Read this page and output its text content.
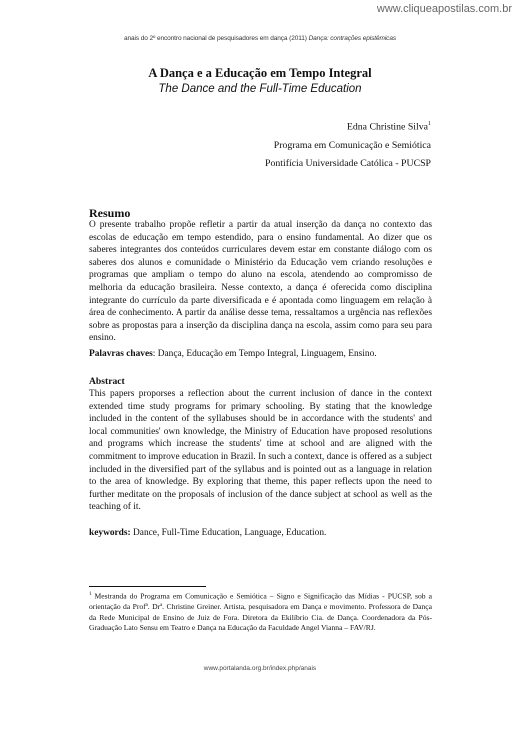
www.cliqueapostilas.com.br
anais do 2º encontro nacional de pesquisadores em dança (2011) Dança: contrações epistêmicas
A Dança e a Educação em Tempo Integral
The Dance and the Full-Time Education
Edna Christine Silva$^1$
Programa em Comunicação e Semiótica
Pontifícia Universidade Católica - PUCSP
Resumo

O presente trabalho propõe refletir a partir da atual inserção da dança no contexto das escolas de educação em tempo estendido, para o ensino fundamental. Ao dizer que os saberes integrantes dos conteúdos curriculares devem estar em constante diálogo com os saberes dos alunos e comunidade o Ministério da Educação vem criando resoluções e programas que ampliam o tempo do aluno na escola, atendendo ao compromisso de melhoria da educação brasileira. Nesse contexto, a dança é oferecida como disciplina integrante do currículo da parte diversificada e é apontada como linguagem em relação à área de conhecimento. A partir da análise desse tema, ressaltamos a urgência nas reflexões sobre as propostas para a inserção da disciplina dança na escola, assim como para seu para ensino.

Palavras chaves: Dança, Educação em Tempo Integral, Linguagem, Ensino.

Abstract

This papers proporses a reflection about the current inclusion of dance in the context extended time study programs for primary schooling. By stating that the knowledge included in the content of the syllabuses should be in accordance with the students' and local communities' own knowledge, the Ministry of Education have proposed resolutions and programs which increase the students' time at school and are aligned with the commitment to improve education in Brazil. In such a context, dance is offered as a subject included in the diversified part of the syllabus and is pointed out as a language in relation to the area of knowledge. By exploring that theme, this paper reflects upon the need to further meditate on the proposals of inclusion of the dance subject at school as well as the teaching of it.

keywords: Dance, Full-Time Education, Language, Education.

$^1$ Mestranda do Programa em Comunicação e Semiótica – Signo e Significação das Mídias - PUCSP, sob a orientação da Profª. Drª. Christine Greiner. Artista, pesquisadora em Dança e movimento. Professora de Dança da Rede Municipal de Ensino de Juiz de Fora. Diretora da Ekilíbrio Cia. de Dança. Coordenadora da Pós-Graduação Lato Sensu em Teatro e Dança na Educação da Faculdade Angel Vianna – FAV/RJ.

www.portalanda.org.br/index.php/anais
